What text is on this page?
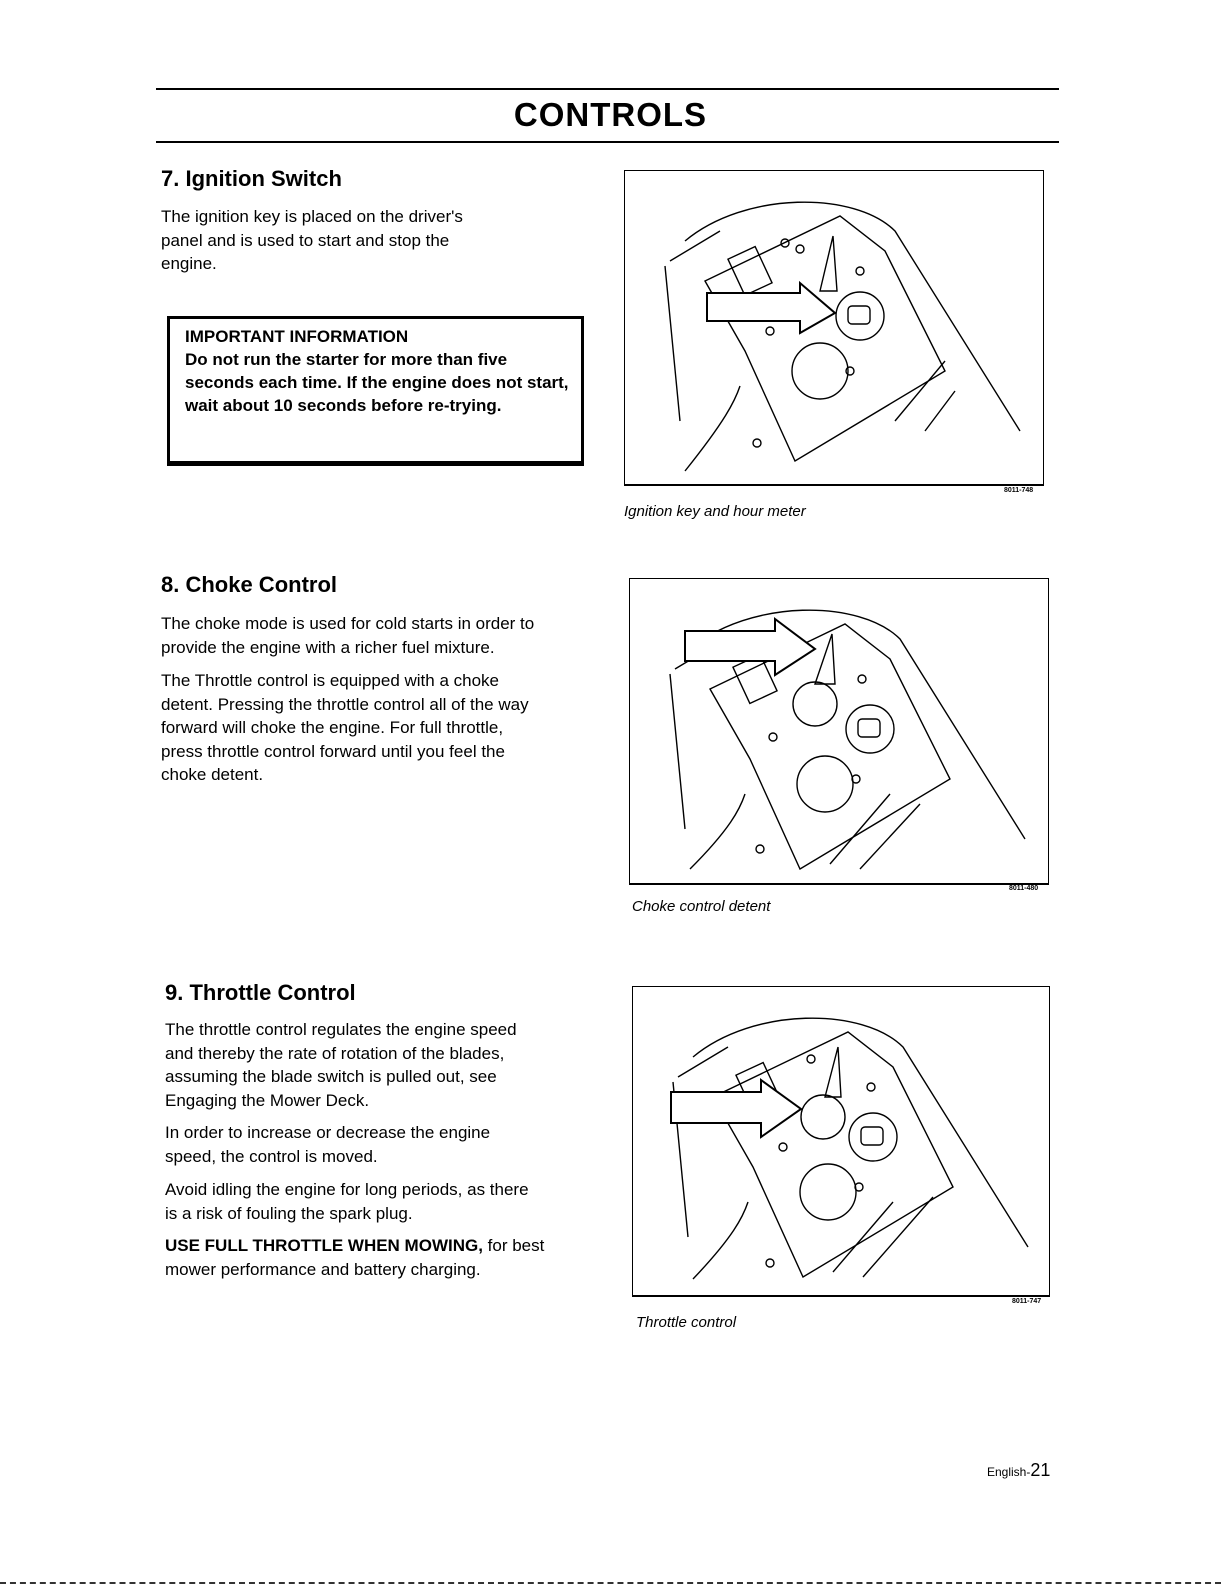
CONTROLS
7. Ignition Switch

The ignition key is placed on the driver's panel and is used to start and stop the engine.

IMPORTANT INFORMATION
Do not run the starter for more than five seconds each time. If the engine does not start, wait about 10 seconds before re-trying.
8011-748
Ignition key and hour meter
8. Choke Control

The choke mode is used for cold starts in order to provide the engine with a richer fuel mixture.

The Throttle control is equipped with a choke detent. Pressing the throttle control all of the way forward will choke the engine. For full throttle, press throttle control forward until you feel the choke detent.

8011-480
Choke control detent
9. Throttle Control

The throttle control regulates the engine speed and thereby the rate of rotation of the blades, assuming the blade switch is pulled out, see Engaging the Mower Deck.

In order to increase or decrease the engine speed, the control is moved.

Avoid idling the engine for long periods, as there is a risk of fouling the spark plug.

USE FULL THROTTLE WHEN MOWING, for best mower performance and battery charging.

8011-747
Throttle control
English-21
